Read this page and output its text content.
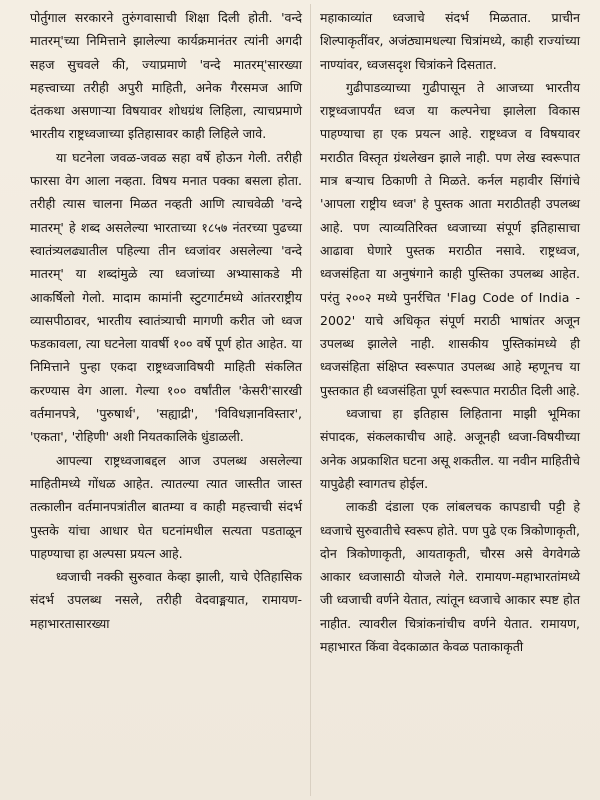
पोर्तुगाल सरकारने तुरुंगवासाची शिक्षा दिली होती. 'वन्दे मातरम्'च्या निमित्ताने झालेल्या कार्यक्रमानंतर त्यांनी अगदी सहज सुचवले की, ज्याप्रमाणे 'वन्दे मातरम्'सारख्या महत्त्वाच्या तरीही अपुरी माहिती, अनेक गैरसमज आणि दंतकथा असणाऱ्या विषयावर शोधग्रंथ लिहिला, त्याचप्रमाणे भारतीय राष्ट्रध्वजाच्या इतिहासावर काही लिहिले जावे.

या घटनेला जवळ-जवळ सहा वर्षे होऊन गेली. तरीही फारसा वेग आला नव्हता. विषय मनात पक्का बसला होता. तरीही त्यास चालना मिळत नव्हती आणि त्याचवेळी 'वन्दे मातरम्' हे शब्द असलेल्या भारताच्या १८५७ नंतरच्या पुढच्या स्वातंत्र्यलढ्यातील पहिल्या तीन ध्वजांवर असलेल्या 'वन्दे मातरम्' या शब्दांमुळे त्या ध्वजांच्या अभ्यासाकडे मी आकर्षिलो गेलो. मादाम कामांनी स्टुटगार्टमध्ये आंतरराष्ट्रीय व्यासपीठावर, भारतीय स्वातंत्र्याची मागणी करीत जो ध्वज फडकावला, त्या घटनेला यावर्षी १०० वर्षे पूर्ण होत आहेत. या निमित्ताने पुन्हा एकदा राष्ट्रध्वजाविषयी माहिती संकलित करण्यास वेग आला. गेल्या १०० वर्षांतील 'केसरी'सारखी वर्तमानपत्रे, 'पुरुषार्थ', 'सह्याद्री', 'विविधज्ञानविस्तार', 'एकता', 'रोहिणी' अशी नियतकालिके धुंडाळली.

आपल्या राष्ट्रध्वजाबद्दल आज उपलब्ध असलेल्या माहितीमध्ये गोंधळ आहेत. त्यातल्या त्यात जास्तीत जास्त तत्कालीन वर्तमानपत्रांतील बातम्या व काही महत्त्वाची संदर्भ पुस्तके यांचा आधार घेत घटनांमधील सत्यता पडताळून पाहण्याचा हा अल्पसा प्रयत्न आहे.

ध्वजाची नक्की सुरुवात केव्हा झाली, याचे ऐतिहासिक संदर्भ उपलब्ध नसले, तरीही वेदवाङ्मयात, रामायण-महाभारतासारख्या

महाकाव्यांत ध्वजाचे संदर्भ मिळतात. प्राचीन शिल्पाकृतींवर, अजंठ्यामधल्या चित्रांमध्ये, काही राज्यांच्या नाण्यांवर, ध्वजसदृश चित्रांकने दिसतात.

गुढीपाडव्याच्या गुढीपासून ते आजच्या भारतीय राष्ट्रध्वजापर्यंत ध्वज या कल्पनेचा झालेला विकास पाहण्याचा हा एक प्रयत्न आहे. राष्ट्रध्वज व विषयावर मराठीत विस्तृत ग्रंथलेखन झाले नाही. पण लेख स्वरूपात मात्र बऱ्याच ठिकाणी ते मिळते. कर्नल महावीर सिंगांचे 'आपला राष्ट्रीय ध्वज' हे पुस्तक आता मराठीतही उपलब्ध आहे. पण त्याव्यतिरिक्त ध्वजाच्या संपूर्ण इतिहासाचा आढावा घेणारे पुस्तक मराठीत नसावे. राष्ट्रध्वज, ध्वजसंहिता या अनुषंगाने काही पुस्तिका उपलब्ध आहेत. परंतु २००२ मध्ये पुनर्रचित 'Flag Code of India - 2002' याचे अधिकृत संपूर्ण मराठी भाषांतर अजून उपलब्ध झालेले नाही. शासकीय पुस्तिकांमध्ये ही ध्वजसंहिता संक्षिप्त स्वरूपात उपलब्ध आहे म्हणूनच या पुस्तकात ही ध्वजसंहिता पूर्ण स्वरूपात मराठीत दिली आहे.

ध्वजाचा हा इतिहास लिहिताना माझी भूमिका संपादक, संकलकाचीच आहे. अजूनही ध्वजा-विषयीच्या अनेक अप्रकाशित घटना असू शकतील. या नवीन माहितीचे यापुढेही स्वागतच होईल.

लाकडी दंडाला एक लांबलचक कापडाची पट्टी हे ध्वजाचे सुरुवातीचे स्वरूप होते. पण पुढे एक त्रिकोणाकृती, दोन त्रिकोणाकृती, आयताकृती, चौरस असे वेगवेगळे आकार ध्वजासाठी योजले गेले. रामायण-महाभारतांमध्ये जी ध्वजाची वर्णने येतात, त्यांतून ध्वजाचे आकार स्पष्ट होत नाहीत. त्यावरील चित्रांकनांचीच वर्णने येतात. रामायण, महाभारत किंवा वेदकाळात केवळ पताकाकृती
